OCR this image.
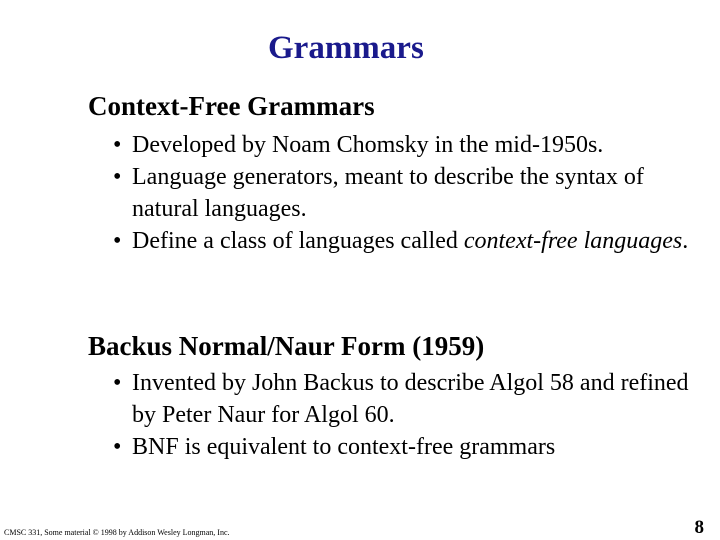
Grammars
Context-Free Grammars
• Developed by Noam Chomsky in the mid-1950s.
• Language generators, meant to describe the syntax of natural languages.
• Define a class of languages called context-free languages.
Backus Normal/Naur Form (1959)
• Invented by John Backus to describe Algol 58 and refined by Peter Naur for Algol 60.
• BNF is equivalent to context-free grammars
CMSC 331, Some material © 1998 by Addison Wesley Longman, Inc.	8
